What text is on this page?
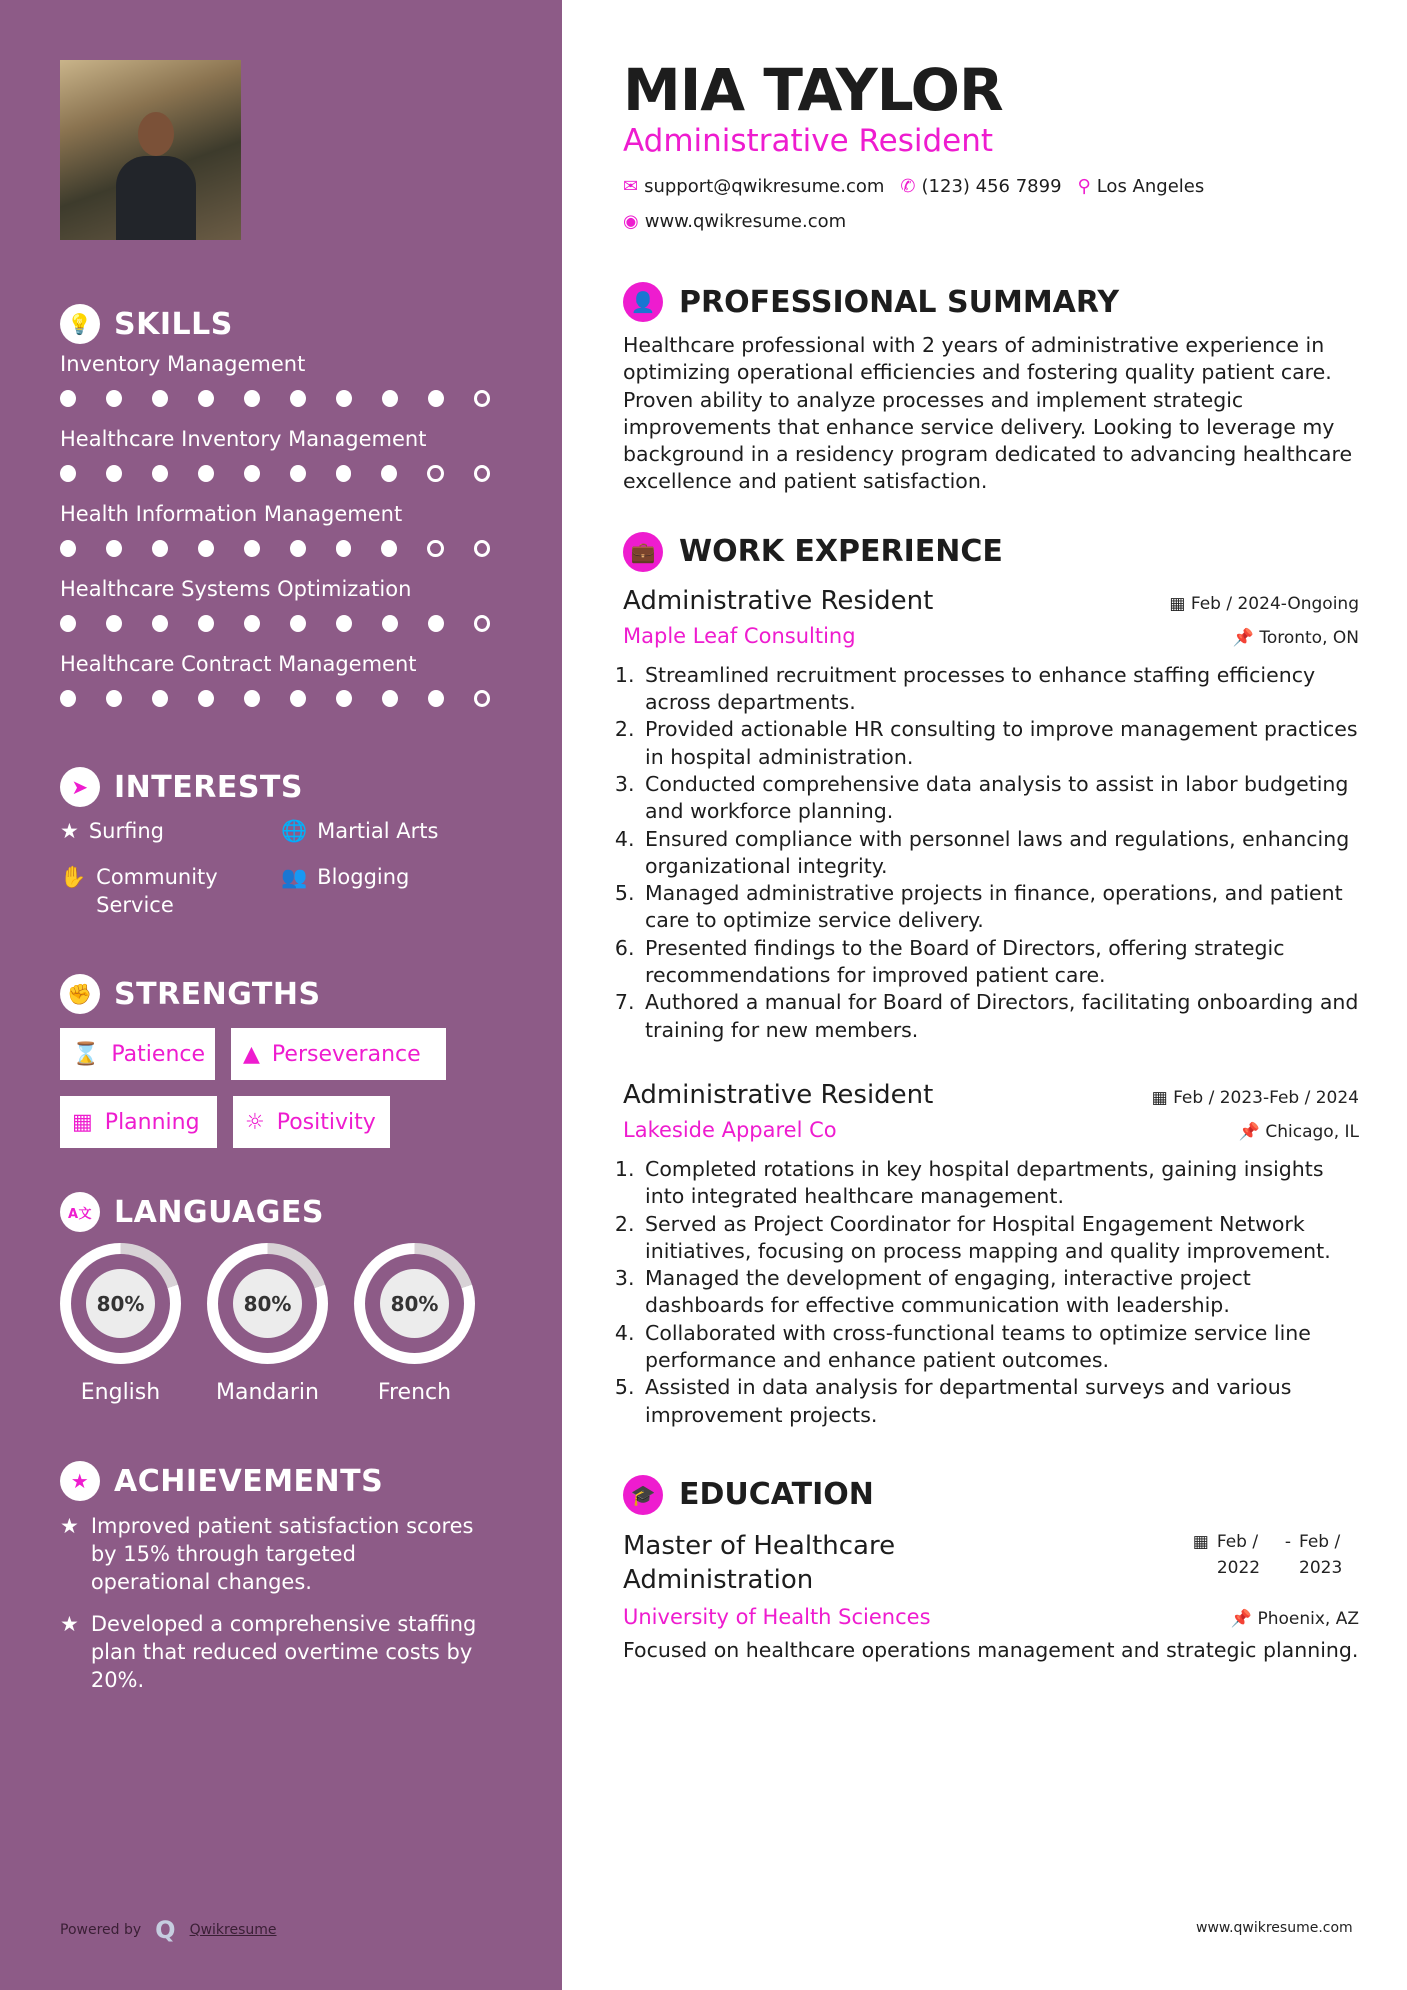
💡 SKILLS
Inventory Management
Healthcare Inventory Management
Health Information Management
Healthcare Systems Optimization
Healthcare Contract Management
➤ INTERESTS
★ Surfing	🌐 Martial Arts
✋ Community Service
👥 Blogging
✊ STRENGTHS
⌛ Patience ▲ Perseverance
▦ Planning ☼ Positivity
A文 LANGUAGES
80%
English
80%
Mandarin
80%
French
★ ACHIEVEMENTS
★ Improved patient satisfaction scores by 15% through targeted operational changes.
★ Developed a comprehensive staffing plan that reduced overtime costs by 20%.
Powered by Q Qwikresume
MIA TAYLOR
Administrative Resident
✉ support@qwikresume.com ✆ (123) 456 7899 ⚲ Los Angeles
◉ www.qwikresume.com
👤 PROFESSIONAL SUMMARY

Healthcare professional with 2 years of administrative experience in optimizing operational efficiencies and fostering quality patient care. Proven ability to analyze processes and implement strategic improvements that enhance service delivery. Looking to leverage my background in a residency program dedicated to advancing healthcare excellence and patient satisfaction.

💼 WORK EXPERIENCE
Administrative Resident	▦ Feb / 2024-Ongoing
Maple Leaf Consulting	📌 Toronto, ON
1. Streamlined recruitment processes to enhance staffing efficiency across departments.
2. Provided actionable HR consulting to improve management practices in hospital administration.
3. Conducted comprehensive data analysis to assist in labor budgeting and workforce planning.
4. Ensured compliance with personnel laws and regulations, enhancing organizational integrity.
5. Managed administrative projects in finance, operations, and patient care to optimize service delivery.
6. Presented findings to the Board of Directors, offering strategic recommendations for improved patient care.
7. Authored a manual for Board of Directors, facilitating onboarding and training for new members.
Administrative Resident	▦ Feb / 2023-Feb / 2024
Lakeside Apparel Co	📌 Chicago, IL
1. Completed rotations in key hospital departments, gaining insights into integrated healthcare management.
2. Served as Project Coordinator for Hospital Engagement Network initiatives, focusing on process mapping and quality improvement.
3. Managed the development of engaging, interactive project dashboards for effective communication with leadership.
4. Collaborated with cross-functional teams to optimize service line performance and enhance patient outcomes.
5. Assisted in data analysis for departmental surveys and various improvement projects.
🎓 EDUCATION
Master of Healthcare Administration
▦ Feb / 2022
- Feb / 2023
University of Health Sciences	📌 Phoenix, AZ

Focused on healthcare operations management and strategic planning.

www.qwikresume.com
